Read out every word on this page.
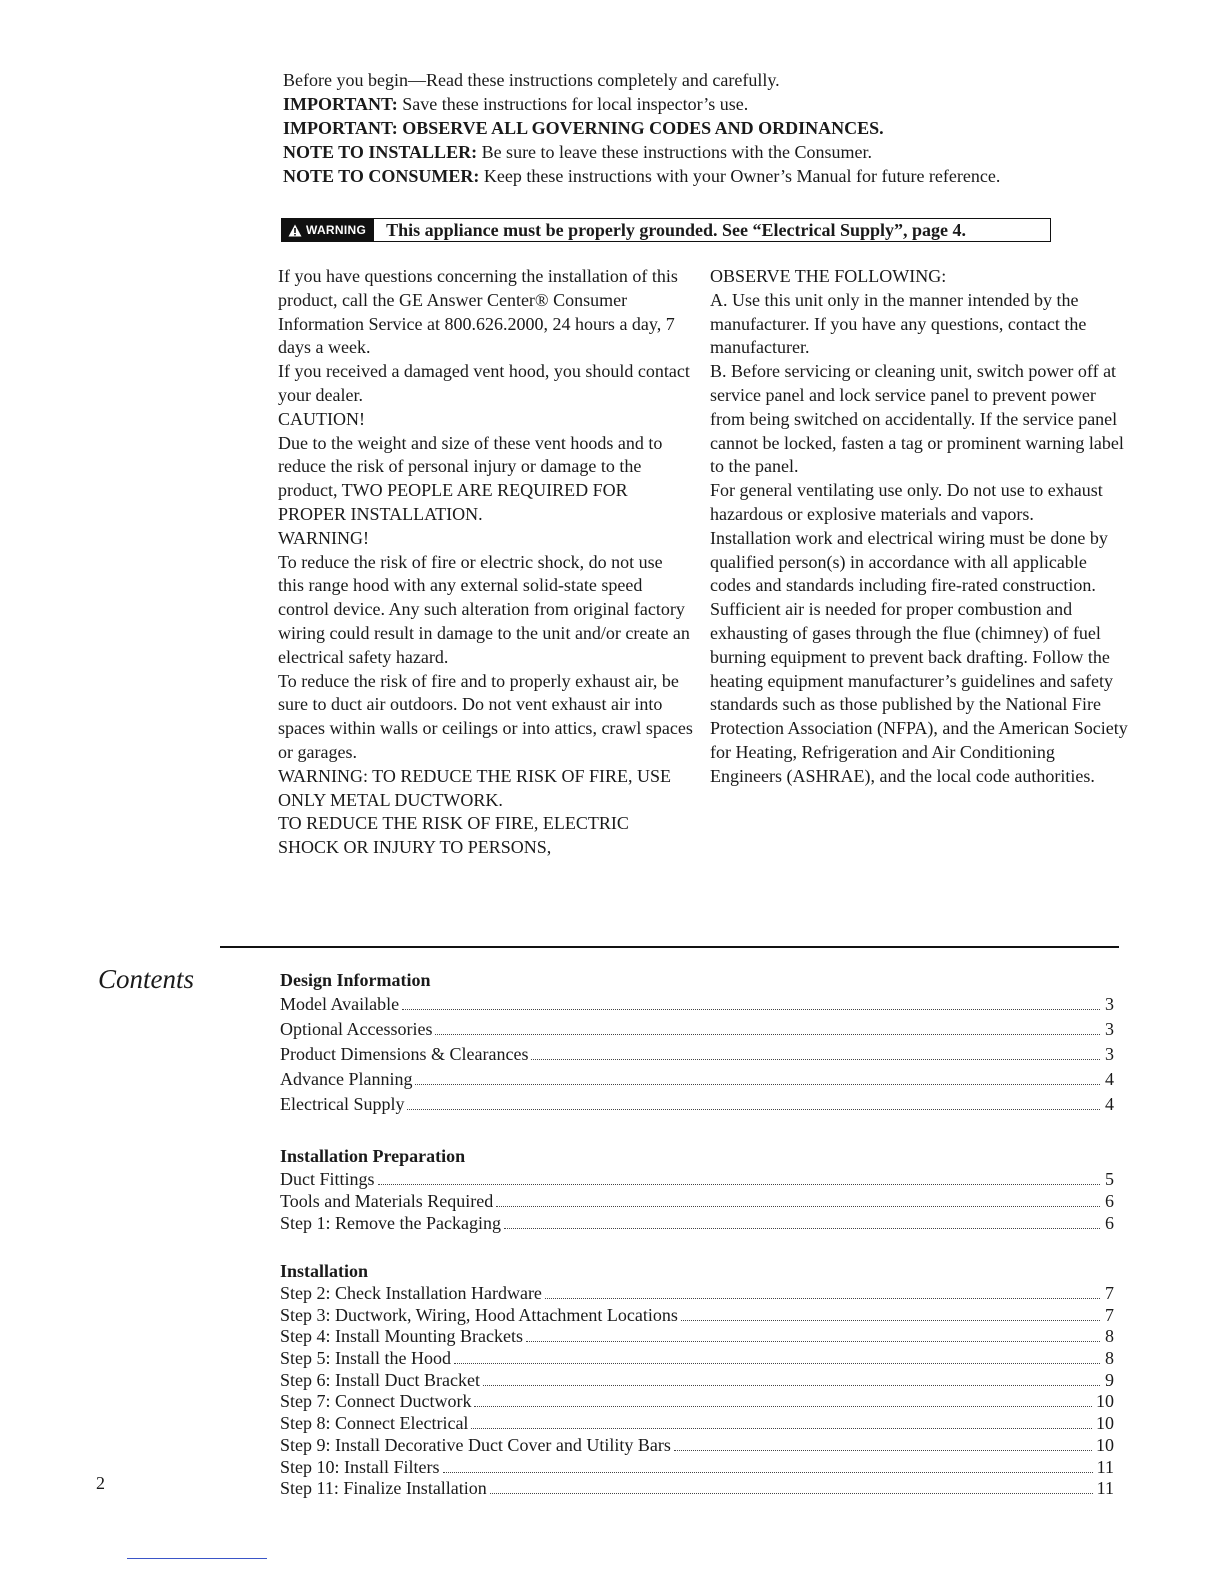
Before you begin—Read these instructions completely and carefully.

IMPORTANT: Save these instructions for local inspector’s use.

IMPORTANT: OBSERVE ALL GOVERNING CODES AND ORDINANCES.

NOTE TO INSTALLER: Be sure to leave these instructions with the Consumer.

NOTE TO CONSUMER: Keep these instructions with your Owner’s Manual for future reference.

WARNING	This appliance must be properly grounded. See “Electrical Supply”, page 4.

If you have questions concerning the installation of this product, call the GE Answer Center® Consumer Information Service at 800.626.2000, 24 hours a day, 7 days a week.

If you received a damaged vent hood, you should contact your dealer.

CAUTION!

Due to the weight and size of these vent hoods and to reduce the risk of personal injury or damage to the product, TWO PEOPLE ARE REQUIRED FOR PROPER INSTALLATION.

WARNING!

To reduce the risk of fire or electric shock, do not use this range hood with any external solid-state speed control device. Any such alteration from original factory wiring could result in damage to the unit and/or create an electrical safety hazard.

To reduce the risk of fire and to properly exhaust air, be sure to duct air outdoors. Do not vent exhaust air into spaces within walls or ceilings or into attics, crawl spaces or garages.

WARNING: TO REDUCE THE RISK OF FIRE, USE ONLY METAL DUCTWORK.

TO REDUCE THE RISK OF FIRE, ELECTRIC SHOCK OR INJURY TO PERSONS,

OBSERVE THE FOLLOWING:

A. Use this unit only in the manner intended by the manufacturer. If you have any questions, contact the manufacturer.

B. Before servicing or cleaning unit, switch power off at service panel and lock service panel to prevent power from being switched on accidentally. If the service panel cannot be locked, fasten a tag or prominent warning label to the panel.

For general ventilating use only. Do not use to exhaust hazardous or explosive materials and vapors.

Installation work and electrical wiring must be done by qualified person(s) in accordance with all applicable codes and standards including fire-rated construction.

Sufficient air is needed for proper combustion and exhausting of gases through the flue (chimney) of fuel burning equipment to prevent back drafting. Follow the heating equipment manufacturer’s guidelines and safety standards such as those published by the National Fire Protection Association (NFPA), and the American Society for Heating, Refrigeration and Air Conditioning Engineers (ASHRAE), and the local code authorities.

Contents	Design Information
Model Available	3
Optional Accessories	3
Product Dimensions & Clearances	3
Advance Planning	4
Electrical Supply	4
Installation Preparation
Duct Fittings	5
Tools and Materials Required	6
Step 1: Remove the Packaging	6
Installation
Step 2: Check Installation Hardware	7
Step 3: Ductwork, Wiring, Hood Attachment Locations	7
Step 4: Install Mounting Brackets	8
Step 5: Install the Hood	8
Step 6: Install Duct Bracket	9
Step 7: Connect Ductwork	10
Step 8: Connect Electrical	10
Step 9: Install Decorative Duct Cover and Utility Bars	10
Step 10: Install Filters	11
Step 11: Finalize Installation	11
2
